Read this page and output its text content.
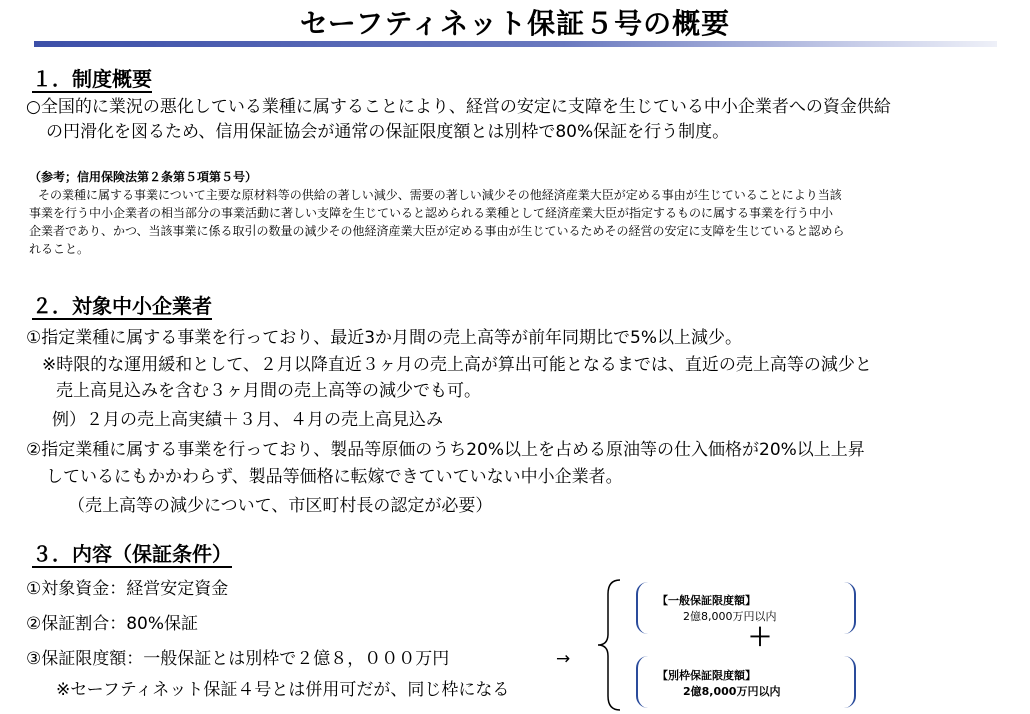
セーフティネット保証５号の概要
１．制度概要
○全国的に業況の悪化している業種に属することにより、経営の安定に支障を生じている中小企業者への資金供給
の円滑化を図るため、信用保証協会が通常の保証限度額とは別枠で80%保証を行う制度。
（参考；信用保険法第２条第５項第５号）
その業種に属する事業について主要な原材料等の供給の著しい減少、需要の著しい減少その他経済産業大臣が定める事由が生じていることにより当該
事業を行う中小企業者の相当部分の事業活動に著しい支障を生じていると認められる業種として経済産業大臣が指定するものに属する事業を行う中小
企業者であり、かつ、当該事業に係る取引の数量の減少その他経済産業大臣が定める事由が生じているためその経営の安定に支障を生じていると認めら
れること。
２．対象中小企業者
①指定業種に属する事業を行っており、最近3か月間の売上高等が前年同期比で5%以上減少。
※時限的な運用緩和として、２月以降直近３ヶ月の売上高が算出可能となるまでは、直近の売上高等の減少と
売上高見込みを含む３ヶ月間の売上高等の減少でも可。
例）２月の売上高実績＋３月、４月の売上高見込み
②指定業種に属する事業を行っており、製品等原価のうち20%以上を占める原油等の仕入価格が20%以上上昇
しているにもかかわらず、製品等価格に転嫁できていていない中小企業者。
（売上高等の減少について、市区町村長の認定が必要）
３．内容（保証条件）
①対象資金：経営安定資金
②保証割合：80%保証
③保証限度額：一般保証とは別枠で２億８，０００万円	→
※セーフティネット保証４号とは併用可だが、同じ枠になる
【一般保証限度額】
2億8,000万円以内
＋
【別枠保証限度額】
2億8,000万円以内
